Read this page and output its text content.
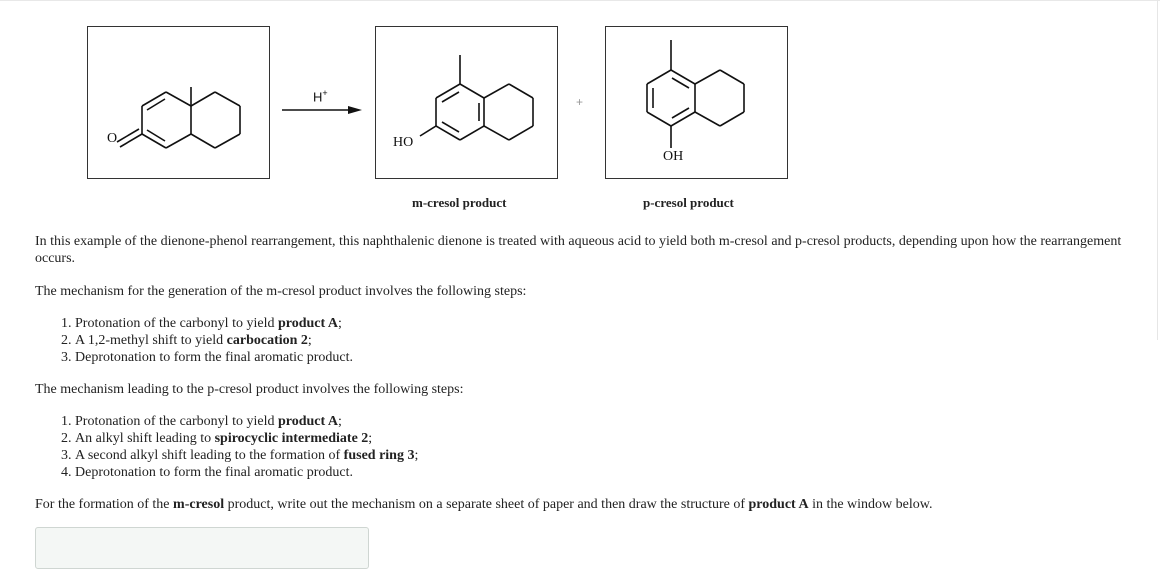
O
H+
HO
+
OH
m-cresol product	p-cresol product

In this example of the dienone-phenol rearrangement, this naphthalenic dienone is treated with aqueous acid to yield both m-cresol and p-cresol products, depending upon how the rearrangement occurs.

The mechanism for the generation of the m-cresol product involves the following steps:

1. Protonation of the carbonyl to yield product A;
2. A 1,2-methyl shift to yield carbocation 2;
3. Deprotonation to form the final aromatic product.

The mechanism leading to the p-cresol product involves the following steps:

1. Protonation of the carbonyl to yield product A;
2. An alkyl shift leading to spirocyclic intermediate 2;
3. A second alkyl shift leading to the formation of fused ring 3;
4. Deprotonation to form the final aromatic product.

For the formation of the m-cresol product, write out the mechanism on a separate sheet of paper and then draw the structure of product A in the window below.
